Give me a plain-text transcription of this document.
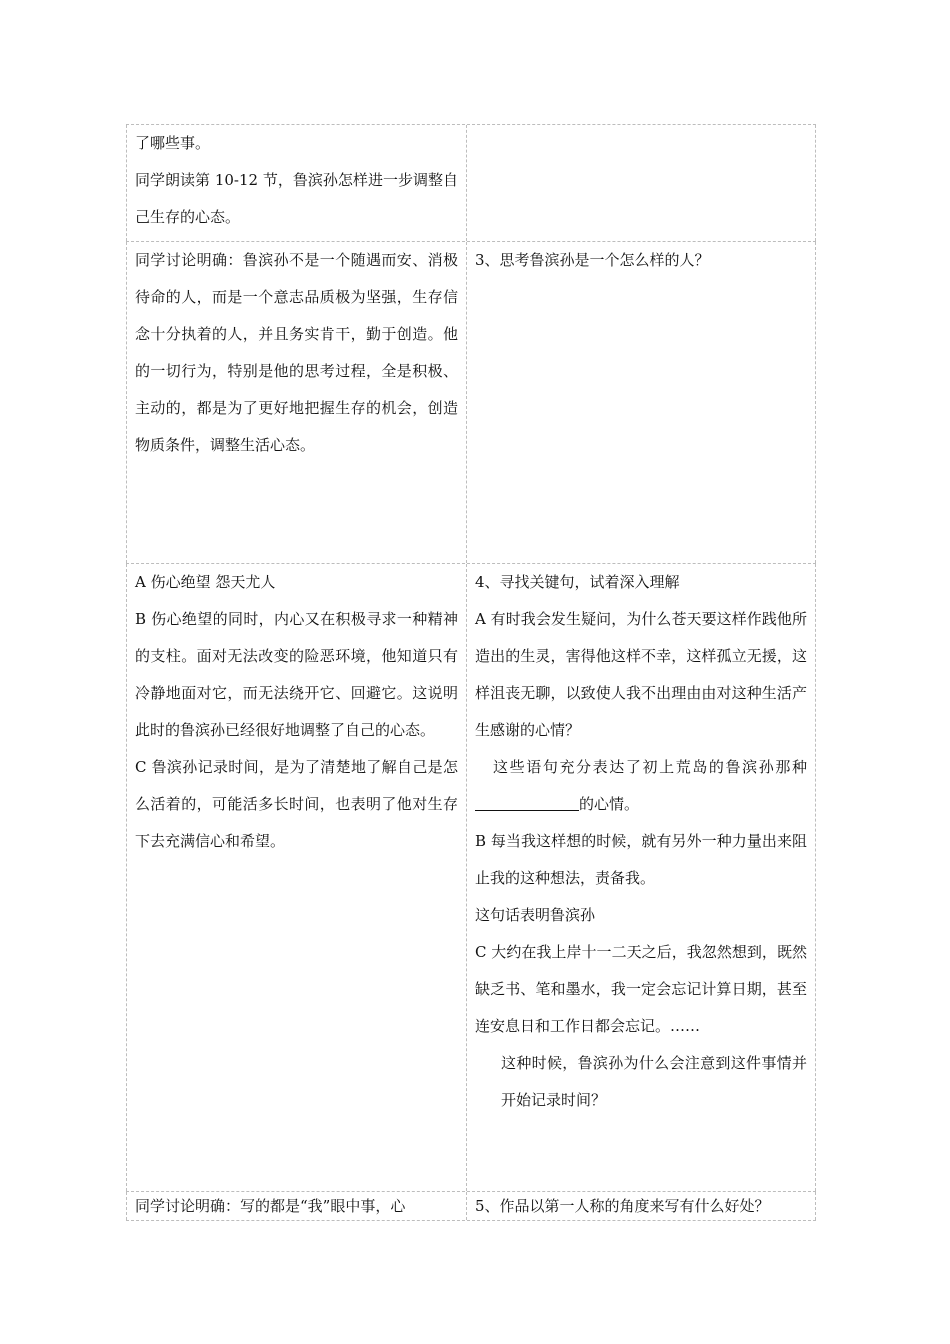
了哪些事。

同学朗读第 10-12 节，鲁滨孙怎样进一步调整自己生存的心态。

同学讨论明确：鲁滨孙不是一个随遇而安、消极待命的人，而是一个意志品质极为坚强，生存信念十分执着的人，并且务实肯干，勤于创造。他的一切行为，特别是他的思考过程，全是积极、主动的，都是为了更好地把握生存的机会，创造物质条件，调整生活心态。

3、思考鲁滨孙是一个怎么样的人？

A 伤心绝望 怨天尤人

B 伤心绝望的同时，内心又在积极寻求一种精神的支柱。面对无法改变的险恶环境，他知道只有冷静地面对它，而无法绕开它、回避它。这说明此时的鲁滨孙已经很好地调整了自己的心态。

C 鲁滨孙记录时间，是为了清楚地了解自己是怎么活着的，可能活多长时间，也表明了他对生存下去充满信心和希望。

4、寻找关键句，试着深入理解

A 有时我会发生疑问，为什么苍天要这样作践他所造出的生灵，害得他这样不幸，这样孤立无援，这样沮丧无聊，以致使人我不出理由由对这种生活产生感谢的心情？

这些语句充分表达了初上荒岛的鲁滨孙那种的心情。

B 每当我这样想的时候，就有另外一种力量出来阻止我的这种想法，责备我。

这句话表明鲁滨孙

C 大约在我上岸十一二天之后，我忽然想到，既然缺乏书、笔和墨水，我一定会忘记计算日期，甚至连安息日和工作日都会忘记。……

这种时候，鲁滨孙为什么会注意到这件事情并开始记录时间？

同学讨论明确：写的都是“我”眼中事，心	5、作品以第一人称的角度来写有什么好处？
